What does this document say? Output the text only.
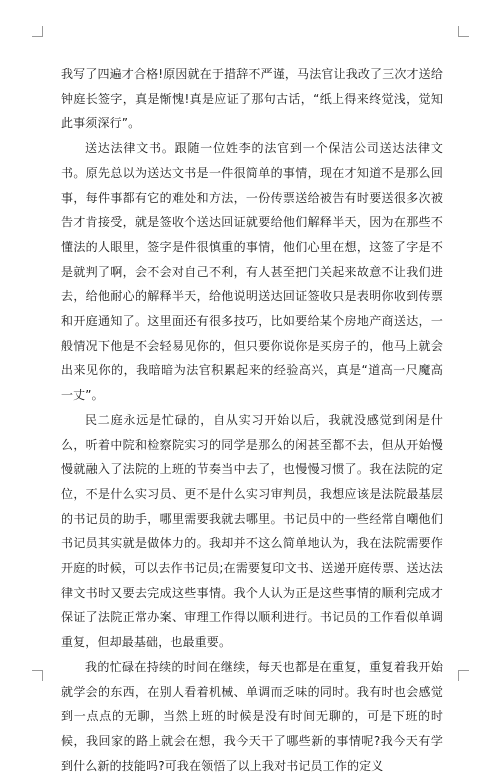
我写了四遍才合格!原因就在于措辞不严谨，马法官让我改了三次才送给钟庭长签字，真是惭愧!真是应证了那句古话，“纸上得来终觉浅，觉知此事须深行”。

送达法律文书。跟随一位姓李的法官到一个保洁公司送达法律文书。原先总以为送达文书是一件很简单的事情，现在才知道不是那么回事，每件事都有它的难处和方法，一份传票送给被告有时要送很多次被告才肯接受，就是签收个送达回证就要给他们解释半天，因为在那些不懂法的人眼里，签字是件很慎重的事情，他们心里在想，这签了字是不是就判了啊，会不会对自己不利，有人甚至把门关起来故意不让我们进去，给他耐心的解释半天，给他说明送达回证签收只是表明你收到传票和开庭通知了。这里面还有很多技巧，比如要给某个房地产商送达，一般情况下他是不会轻易见你的，但只要你说你是买房子的，他马上就会出来见你的，我暗暗为法官积累起来的经验高兴，真是“道高一尺魔高一丈”。

民二庭永远是忙碌的，自从实习开始以后，我就没感觉到闲是什么，听着中院和检察院实习的同学是那么的闲甚至都不去，但从开始慢慢就融入了法院的上班的节奏当中去了，也慢慢习惯了。我在法院的定位，不是什么实习员、更不是什么实习审判员，我想应该是法院最基层的书记员的助手，哪里需要我就去哪里。书记员中的一些经常自嘲他们书记员其实就是做体力的。我却并不这么简单地认为，我在法院需要作开庭的时候，可以去作书记员;在需要复印文书、送递开庭传票、送达法律文书时又要去完成这些事情。我个人认为正是这些事情的顺利完成才保证了法院正常办案、审理工作得以顺利进行。书记员的工作看似单调重复，但却最基础，也最重要。

我的忙碌在持续的时间在继续，每天也都是在重复，重复着我开始就学会的东西，在别人看着机械、单调而乏味的同时。我有时也会感觉到一点点的无聊，当然上班的时候是没有时间无聊的，可是下班的时候，我回家的路上就会在想，我今天干了哪些新的事情呢?我今天有学到什么新的技能吗?可我在领悟了以上我对书记员工作的定义
